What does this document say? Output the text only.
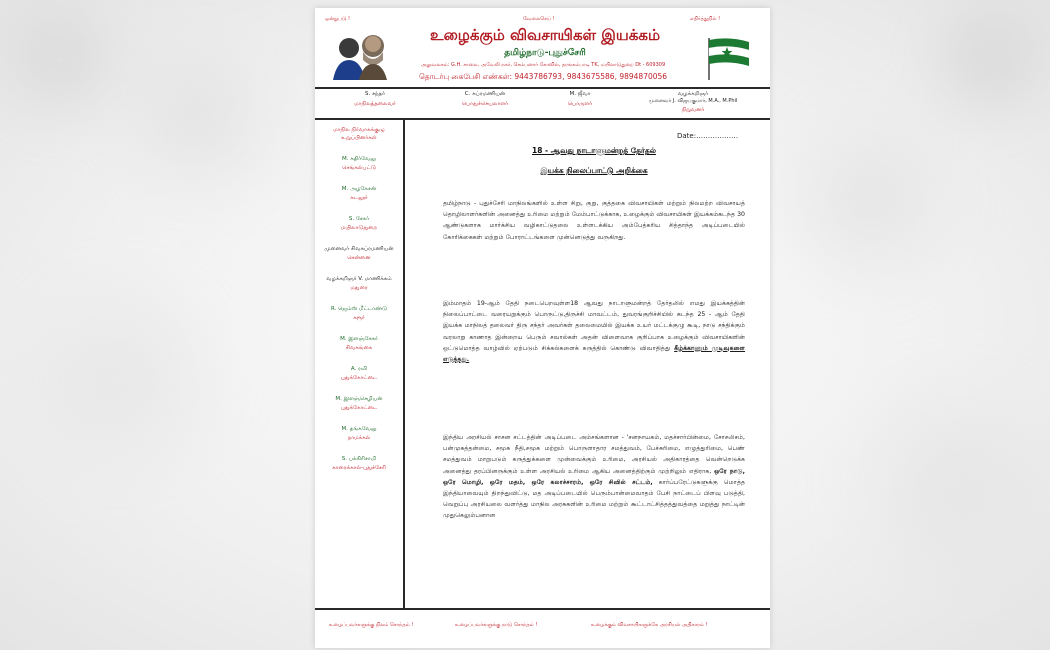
ஒன்றுபடு !	வேலைசெய் !	எதிர்த்துநில் !
உழைக்கும் விவசாயிகள் இயக்கம்
தமிழ்நாடு-புதுச்சேரி
அலுவலகம்: G.H. சாலை, அவேலி நகர், செம்பனார் கோவில், தரங்கம்பாடி TK, மயிலாடுதுறை Dt - 609309
தொடர்பு கைபேசி எண்கள்: 9443786793, 9843675586, 9894870056
S. சந்தர்
மாநிலத்தலைவர்
C. சுப்ரமணியன்
பொதுச்செயலாளர்
M. ஜீவா
பொருளர்
வழக்கறிஞர்
முனைவர் J. விஜயகுமார், M.A., M.Phil
நிறுவனர்
மாநில நிர்வாகக்குழு உறுப்பினர்கள்
M. கதிர்வேலு
செங்கல்பட்டு
M. அழகேசன்
கடலூர்
S. சேகர்
மயிலாடுதுறை
முனைவர் சிவசுப்ரமணியன்
சென்னை
வழக்கறிஞர் V. மாணிக்கம்
மதுரை
R. ஜெம்ஸ் மீட்டாண்டு
கரூர்
M. இளஞ்சேகர்
சிவகங்கை
A. ரவி
புதுக்கோட்டை
M. இளஞ்செழியன்
புதுக்கோட்டை
M. தங்கவேலு
நாமக்கல்
S. பக்கிரிசாமி
காரைக்கால்-புதுச்சேரி
Date:………………
18 - ஆவது நாடாளுமன்றத் தேர்தல்
இயக்க நிலைப்பாட்டு அறிக்கை
தமிழ்நாடு - புதுச்சேரி மாநிலங்களில் உள்ள சிறு, குறு, குத்தகை விவசாயிகள் மற்றும் நிலமற்ற விவசாயத் தொழிலாளர்களின் அனைத்து உரிமை மற்றும் மேம்பாட்டுக்காக, உழைக்கும் விவசாயிகள் இயக்கம்கடந்த 30 ஆண்டுகளாக மார்க்சிய வழிகாட்டுதலை உள்ளடக்கிய அம்பேத்கரிய சித்தாந்த அடிப்படையில் கோரிக்கைகள் மற்றும் போராட்டங்களை முன்னெடுத்து வருகிறது.
இம்மாதம் 19-ஆம் தேதி நடைபெறவுள்ள18 ஆவது நாடாளுமன்றத் தேர்தலில் எமது இயக்கத்தின் நிலைப்பாட்டை வரையறுக்கும் பொருட்டு,திருச்சி மாவட்டம், துவரங்குறிச்சியில் கடந்த 25 - ஆம் தேதி இயக்க மாநிலத் தலைவர் திரு சந்தர் அவர்கள் தலைமையில் இயக்க உயர் மட்டக்குழு கூடி, நாடு சந்திக்கும் வரலாறு காணாத இன்றைய பெரும் சவால்கள் அதன் விளைவாக குறிப்பாக உழைக்கும் விவசாயிகளின் ஒட்டுமொத்த வாழ்வில் ஏற்படும் சிக்கல்களைக் கருத்தில் கொண்டு விவாதித்து கீழ்க்காணும் முடிவுகளை எடுத்தது.
இந்திய அரசியல் சாசன சட்டத்தின் அடிப்படை அம்சங்களான - 'சனநாயகம், மதச்சார்பின்மை, சோசலிசம், பன்முகத்தன்மை, சமூக நீதி,சமூக மற்றும் பொருளாதார சமத்துவம், பேச்சுரிமை, எழுத்துரிமை, பெண் சமத்துவம் மாறுபடும் கருத்துக்களை முன்வைக்கும் உரிமை, அரசியல் அதிகாரத்தை வென்றெடுக்க அனைத்து தரப்பினருக்கும் உள்ள அரசியல் உரிமை ஆகிய அனைத்திற்கும் முற்றிலும் எதிராக, ஒரே நாடு, ஒரே மொழி, ஒரே மதம், ஒரே கலாச்சாரம், ஒரே சிவில் சட்டம், கார்ப்பரேட்டுகளுக்கு மொத்த இந்தியாவையும் திறந்துவிட்டு, மத அடிப்படையில் பெரும்பான்மைவாதம் பேசி நாட்டைப் பிளவு படுத்தி, வெறுப்பு அரசியலை வளர்த்து மாநில அரசுகளின் உரிமை மற்றும் கூட்டாட்சித்தத்துவத்தை மறுத்து நாட்டின் முதுகெலும்பனான
உழைப்பவர்களுக்கு நிலம் சொந்தம் !	உழைப்பவர்களுக்கு நாடு சொந்தம் !	உழைக்கும் விவசாயிகளுக்கே அரசியல் அதிகாரம் !
